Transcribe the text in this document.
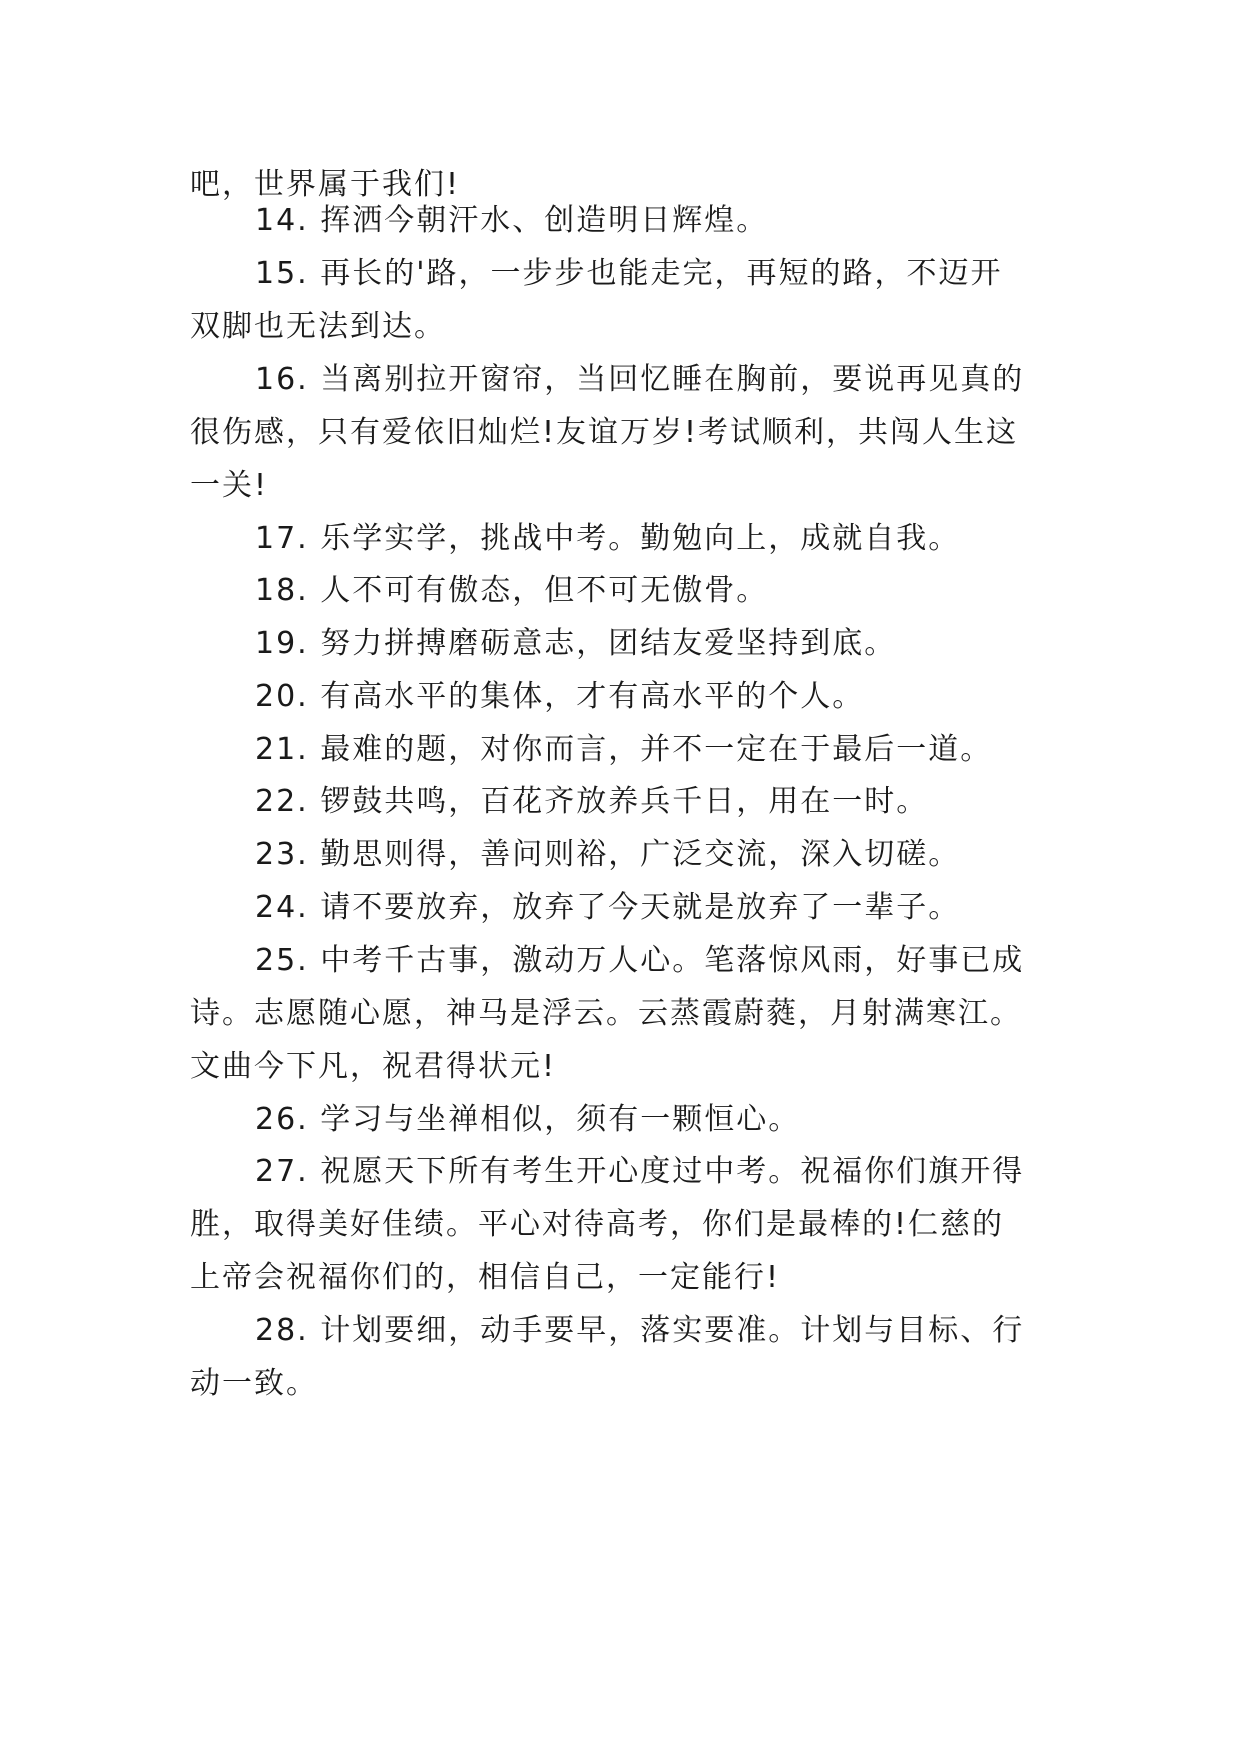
吧，世界属于我们!
14. 挥洒今朝汗水、创造明日辉煌。
15. 再长的'路，一步步也能走完，再短的路，不迈开
双脚也无法到达。
16. 当离别拉开窗帘，当回忆睡在胸前，要说再见真的
很伤感，只有爱依旧灿烂!友谊万岁!考试顺利，共闯人生这
一关!
17. 乐学实学，挑战中考。勤勉向上，成就自我。
18. 人不可有傲态，但不可无傲骨。
19. 努力拼搏磨砺意志，团结友爱坚持到底。
20. 有高水平的集体，才有高水平的个人。
21. 最难的题，对你而言，并不一定在于最后一道。
22. 锣鼓共鸣，百花齐放养兵千日，用在一时。
23. 勤思则得，善问则裕，广泛交流，深入切磋。
24. 请不要放弃，放弃了今天就是放弃了一辈子。
25. 中考千古事，激动万人心。笔落惊风雨，好事已成
诗。志愿随心愿，神马是浮云。云蒸霞蔚蕤，月射满寒江。
文曲今下凡，祝君得状元!
26. 学习与坐禅相似，须有一颗恒心。
27. 祝愿天下所有考生开心度过中考。祝福你们旗开得
胜，取得美好佳绩。平心对待高考，你们是最棒的!仁慈的
上帝会祝福你们的，相信自己，一定能行!
28. 计划要细，动手要早，落实要准。计划与目标、行
动一致。
